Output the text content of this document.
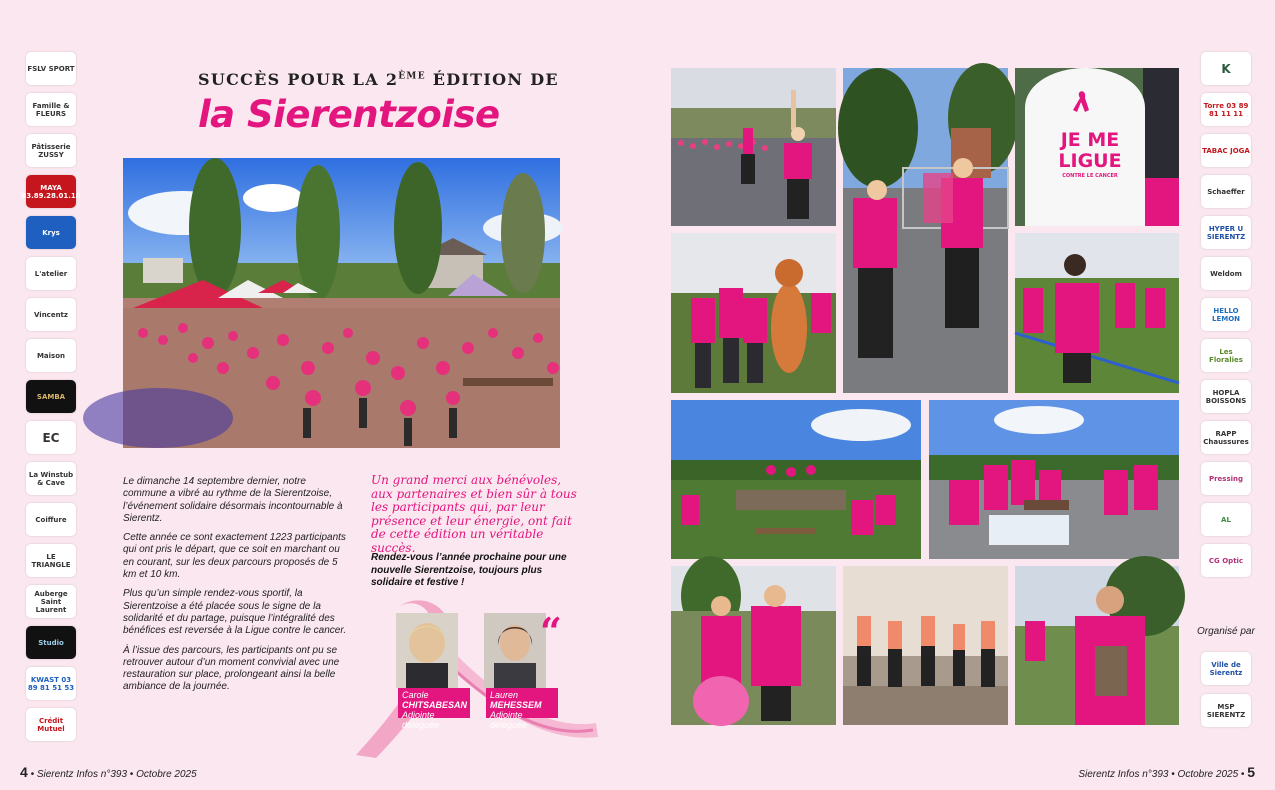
FSLV SPORT
Famille & FLEURS
Pâtisserie ZUSSY
MAYA 03.89.28.01.10
Krys
L'atelier
Vincentz
Maison
SAMBA
EC
La Winstub & Cave
Coiffure
LE TRIANGLE
Auberge Saint Laurent
Studio
KWAST 03 89 81 51 53
Crédit Mutuel
SUCCÈS POUR LA 2ÈME ÉDITION DE
la Sierentzoise

Le dimanche 14 septembre dernier, notre commune a vibré au rythme de la Sierentzoise, l’événement solidaire désormais incontournable à Sierentz.

Cette année ce sont exactement 1223 participants qui ont pris le départ, que ce soit en marchant ou en courant, sur les deux parcours proposés de 5 km et 10 km.

Plus qu’un simple rendez-vous sportif, la Sierentzoise a été placée sous le signe de la solidarité et du partage, puisque l’intégralité des bénéfices est reversée à la Ligue contre le cancer.

À l’issue des parcours, les participants ont pu se retrouver autour d’un moment convivial avec une restauration sur place, prolongeant ainsi la belle ambiance de la journée.

Un grand merci aux bénévoles, aux partenaires et bien sûr à tous les participants qui, par leur présence et leur énergie, ont fait de cette édition un véritable succès.
Rendez-vous l’année prochaine pour une nouvelle Sierentzoise, toujours plus solidaire et festive !
Carole
CHITSABESAN
Adjointe déléguée
Lauren
MEHESSEM
Adjointe déléguée
“
JE ME
LIGUE
CONTRE LE CANCER
K
Torre 03 89 81 11 11
TABAC JOGA
Schaeffer
HYPER U SIERENTZ
Weldom
HELLO LEMON
Les Floralies
HOPLA BOISSONS
RAPP Chaussures
Pressing
AL
CG Optic
Organisé par
Ville de Sierentz
MSP SIERENTZ
4 • Sierentz Infos n°393 • Octobre 2025	Sierentz Infos n°393 • Octobre 2025 • 5
